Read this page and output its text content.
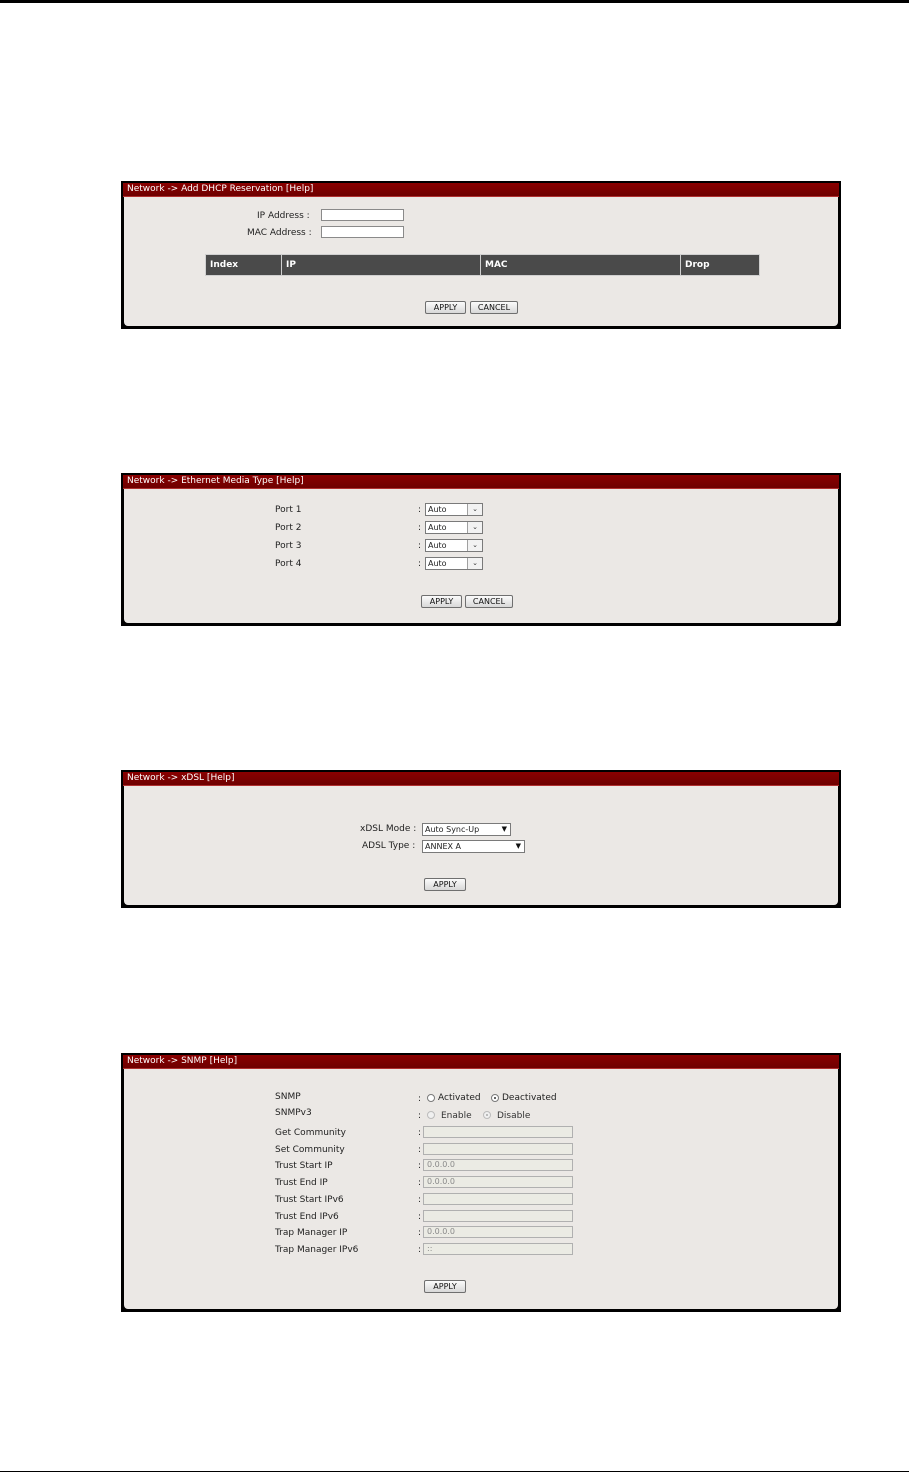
Network -> Add DHCP Reservation [Help]
IP Address :
MAC Address :
Index	IP	MAC	Drop
APPLY	CANCEL
Network -> Ethernet Media Type [Help]
Port 1	: Auto	⌄
Port 2	: Auto	⌄
Port 3	: Auto	⌄
Port 4	: Auto	⌄
APPLY	CANCEL
Network -> xDSL [Help]
xDSL Mode :	Auto Sync-Up	▼
ADSL Type :	ANNEX A	▼
APPLY
Network -> SNMP [Help]
SNMP	: Activated Deactivated
SNMPv3	: Enable	Disable
Get Community	:
Set Community	:
Trust Start IP	: 0.0.0.0
Trust End IP	: 0.0.0.0
Trust Start IPv6	:
Trust End IPv6	:
Trap Manager IP	: 0.0.0.0
Trap Manager IPv6	: ::
APPLY
